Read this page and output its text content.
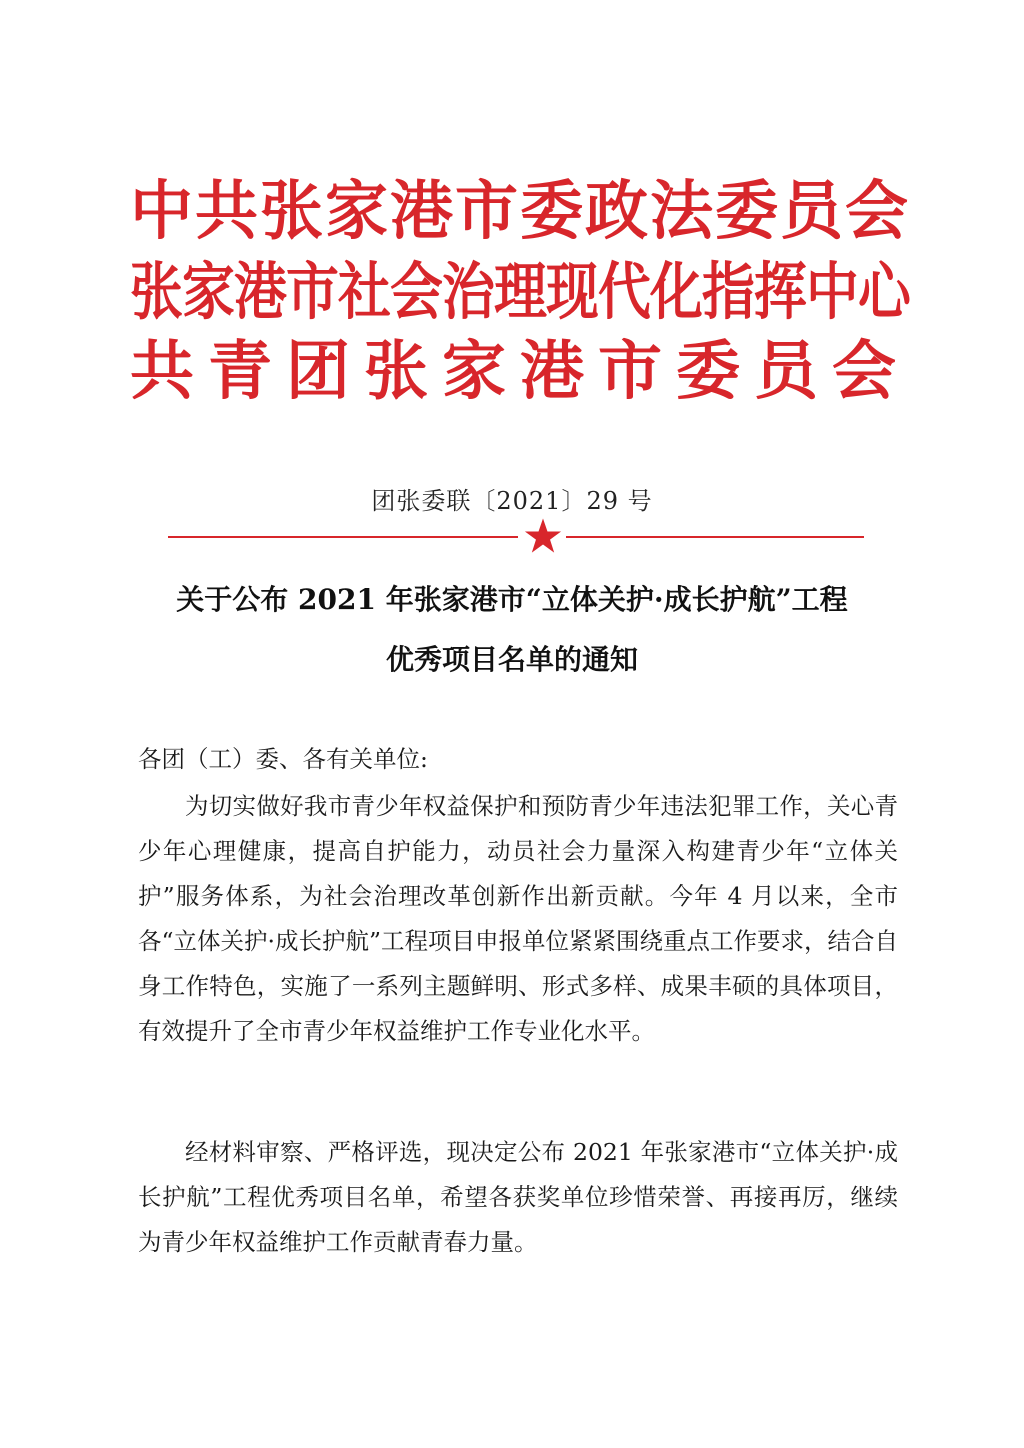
中共张家港市委政法委员会
张家港市社会治理现代化指挥中心
共青团张家港市委员会
团张委联〔2021〕29 号
关于公布 2021 年张家港市“立体关护·成长护航”工程
优秀项目名单的通知
各团（工）委、各有关单位:

为切实做好我市青少年权益保护和预防青少年违法犯罪工作，关心青少年心理健康，提高自护能力，动员社会力量深入构建青少年“立体关护”服务体系，为社会治理改革创新作出新贡献。今年 4 月以来，全市各“立体关护·成长护航”工程项目申报单位紧紧围绕重点工作要求，结合自身工作特色，实施了一系列主题鲜明、形式多样、成果丰硕的具体项目，有效提升了全市青少年权益维护工作专业化水平。

经材料审察、严格评选，现决定公布 2021 年张家港市“立体关护·成长护航”工程优秀项目名单，希望各获奖单位珍惜荣誉、再接再厉，继续为青少年权益维护工作贡献青春力量。
